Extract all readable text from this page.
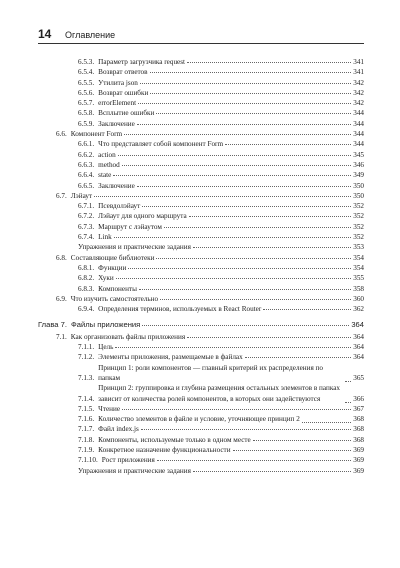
14 Оглавление
6.5.3. Параметр загрузчика request	341
6.5.4. Возврат ответов	341
6.5.5. Утилита json	342
6.5.6. Возврат ошибки	342
6.5.7. errorElement	342
6.5.8. Всплытие ошибки	344
6.5.9. Заключение	344
6.6. Компонент Form	344
6.6.1. Что представляет собой компонент Form	344
6.6.2. action	345
6.6.3. method	346
6.6.4. state	349
6.6.5. Заключение	350
6.7. Лэйаут	350
6.7.1. Псевдолэйаут	352
6.7.2. Лэйаут для одного маршрута	352
6.7.3. Маршрут с лэйаутом	352
6.7.4. Link	352
Упражнения и практические задания	353
6.8. Составляющие библиотеки	354
6.8.1. Функции	354
6.8.2. Хуки	355
6.8.3. Компоненты	358
6.9. Что изучить самостоятельно	360
6.9.4. Определения терминов, используемых в React Router	362
Глава 7. Файлы приложения	364
7.1. Как организовать файлы приложения	364
7.1.1. Цель	364
7.1.2. Элементы приложения, размещаемые в файлах	364
7.1.3.
Принцип 1: роли компонентов — главный критерий их распределения по папкам	365
7.1.4.
Принцип 2: группировка и глубина размещения остальных элементов в папках зависит от количества ролей компонентов, в которых они задействуются	366
7.1.5. Чтение	367
7.1.6. Количество элементов в файле и условие, уточняющее принцип 2	368
7.1.7. Файл index.js	368
7.1.8. Компоненты, используемые только в одном месте	368
7.1.9. Конкретное назначение функциональности	369
7.1.10. Рост приложения	369
Упражнения и практические задания	369
